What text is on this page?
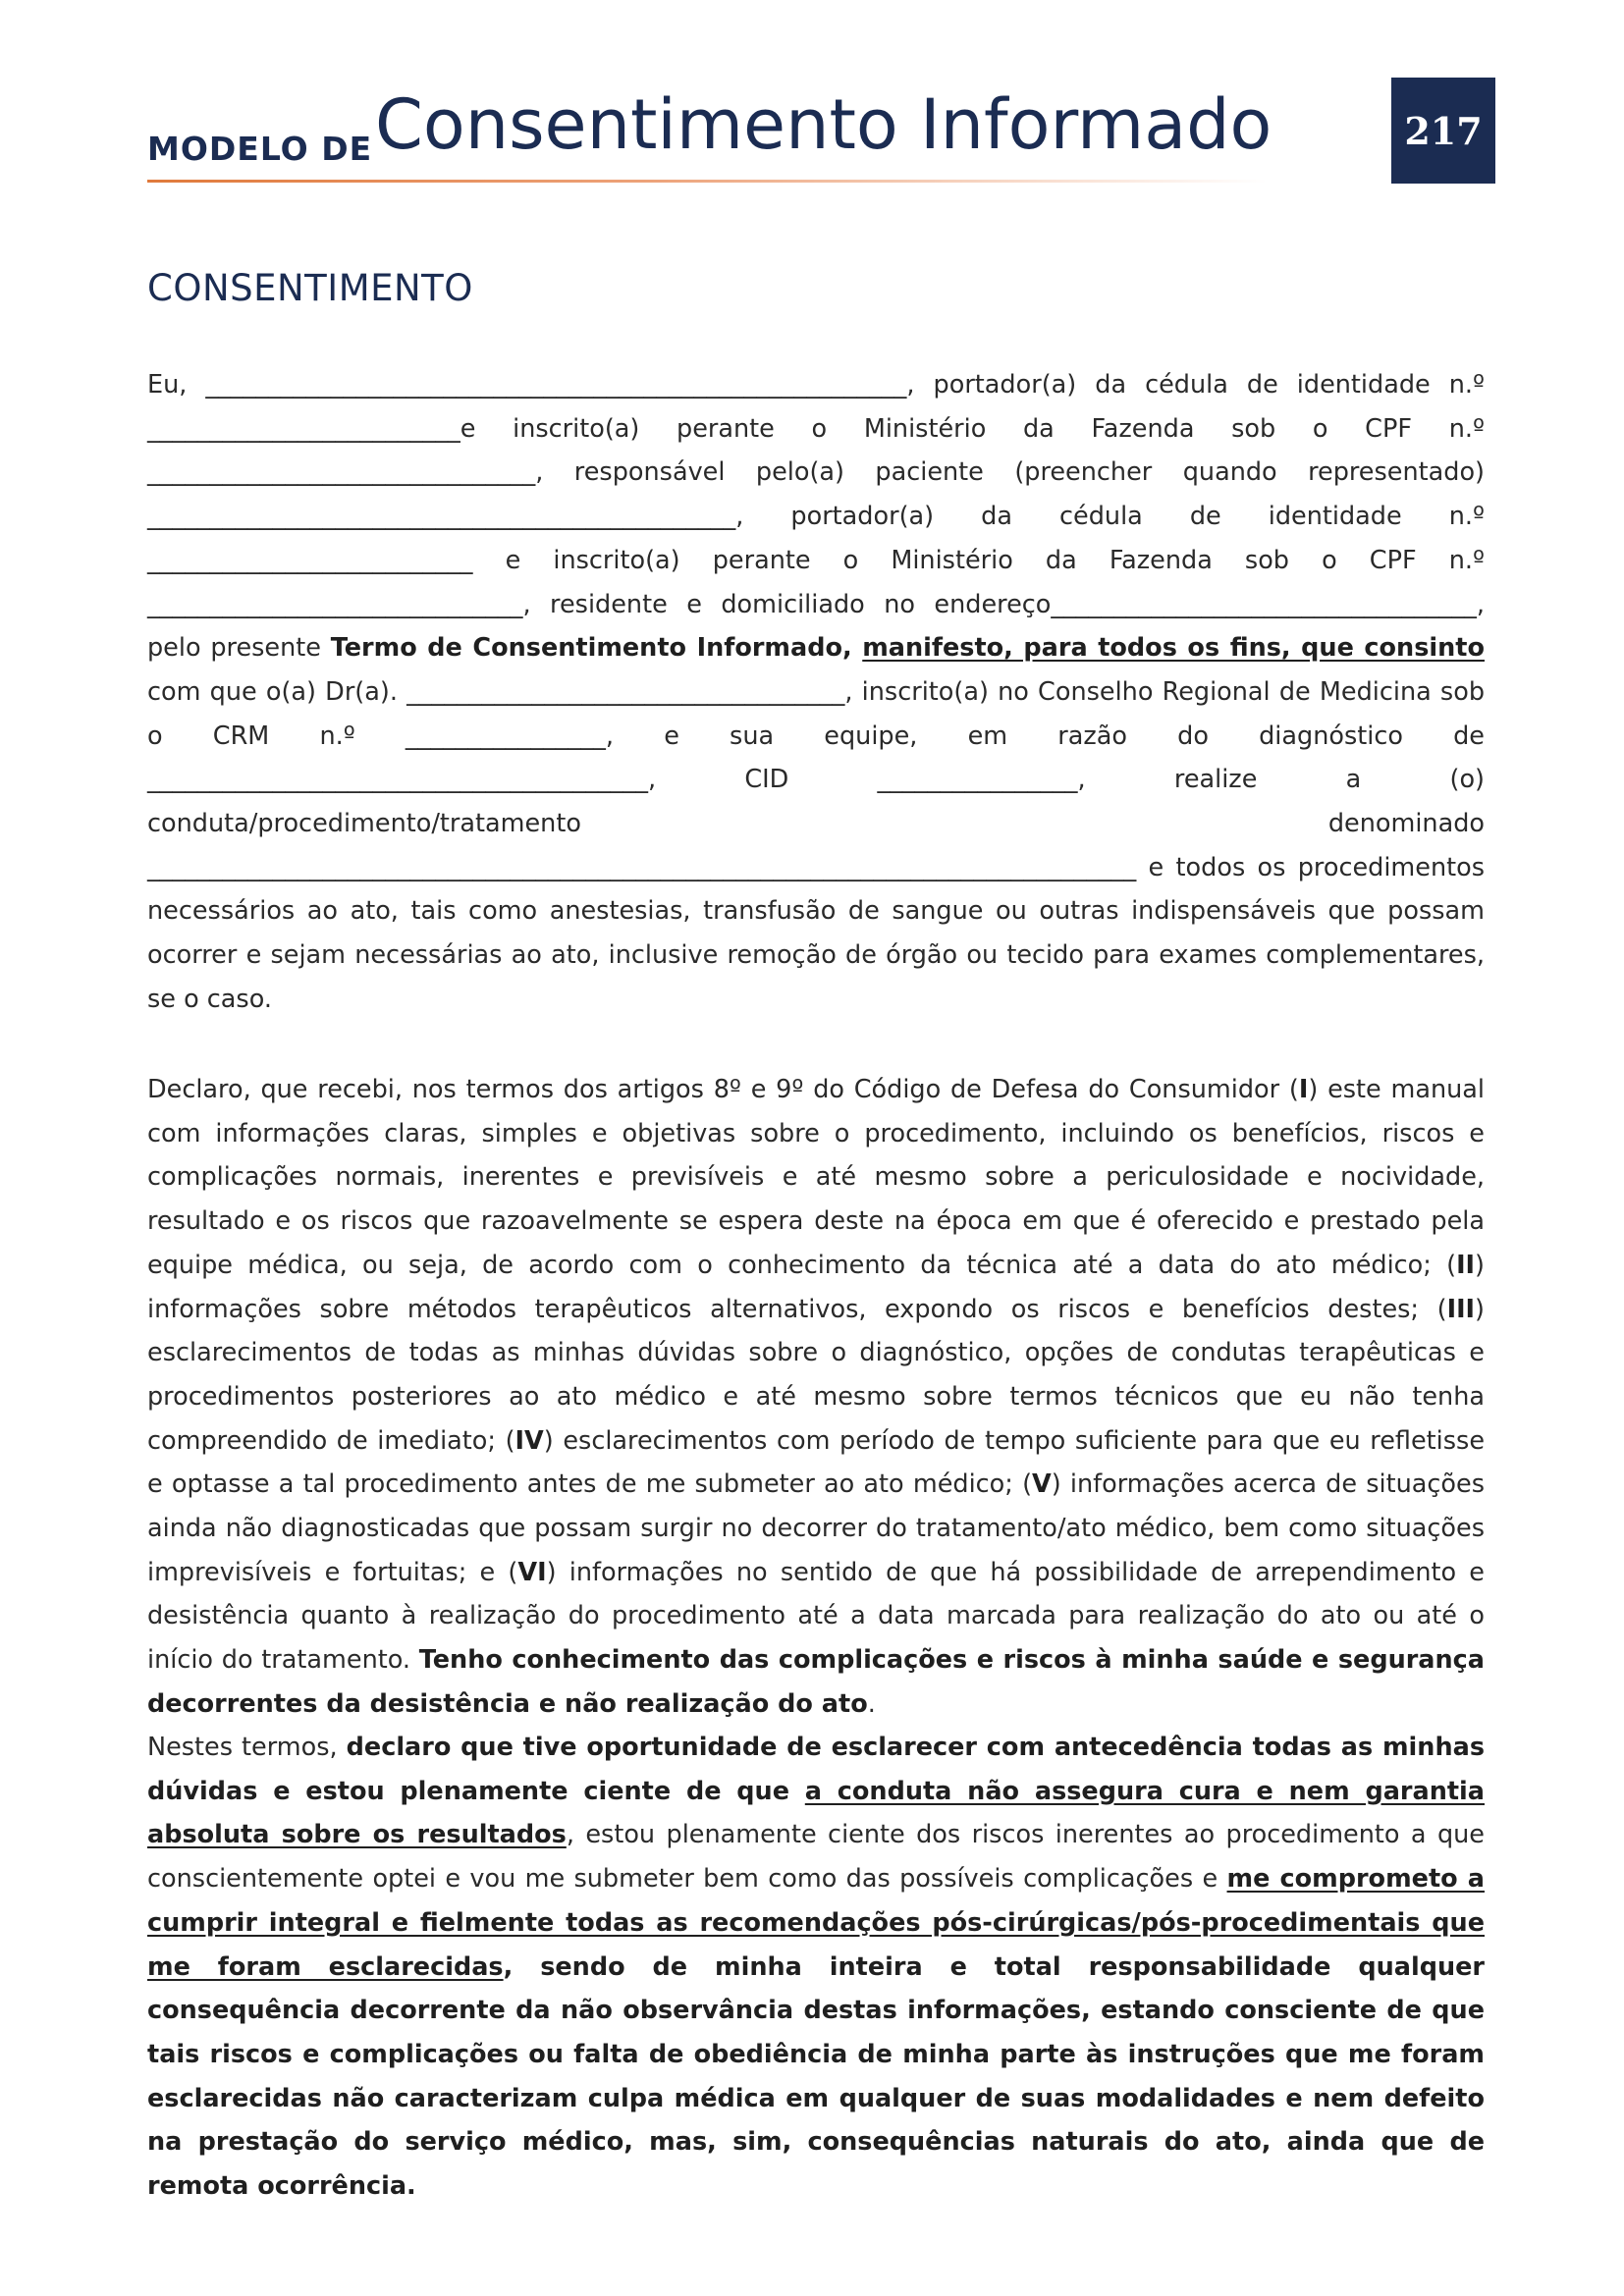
MODELO DE Consentimento Informado	217
CONSENTIMENTO

Eu, ________________________________________________________, portador(a) da cédula de identidade n.º _________________________e inscrito(a) perante o Ministério da Fazenda sob o CPF n.º _______________________________, responsável pelo(a) paciente (preencher quando representado) _______________________________________________, portador(a) da cédula de identidade n.º __________________________ e inscrito(a) perante o Ministério da Fazenda sob o CPF n.º ______________________________, residente e domiciliado no endereço__________________________________, pelo presente Termo de Consentimento Informado, manifesto, para todos os fins, que consinto com que o(a) Dr(a). ___________________________________, inscrito(a) no Conselho Regional de Medicina sob o CRM n.º ________________, e sua equipe, em razão do diagnóstico de ________________________________________, CID ________________, realize a (o) conduta/procedimento/tratamento denominado _______________________________________________________________________________ e todos os procedimentos necessários ao ato, tais como anestesias, transfusão de sangue ou outras indispensáveis que possam ocorrer e sejam necessárias ao ato, inclusive remoção de órgão ou tecido para exames complementares, se o caso.

Declaro, que recebi, nos termos dos artigos 8º e 9º do Código de Defesa do Consumidor (I) este manual com informações claras, simples e objetivas sobre o procedimento, incluindo os benefícios, riscos e complicações normais, inerentes e previsíveis e até mesmo sobre a periculosidade e nocividade, resultado e os riscos que razoavelmente se espera deste na época em que é oferecido e prestado pela equipe médica, ou seja, de acordo com o conhecimento da técnica até a data do ato médico; (II) informações sobre métodos terapêuticos alternativos, expondo os riscos e benefícios destes; (III) esclarecimentos de todas as minhas dúvidas sobre o diagnóstico, opções de condutas terapêuticas e procedimentos posteriores ao ato médico e até mesmo sobre termos técnicos que eu não tenha compreendido de imediato; (IV) esclarecimentos com período de tempo suficiente para que eu refletisse e optasse a tal procedimento antes de me submeter ao ato médico; (V) informações acerca de situações ainda não diagnosticadas que possam surgir no decorrer do tratamento/ato médico, bem como situações imprevisíveis e fortuitas; e (VI) informações no sentido de que há possibilidade de arrependimento e desistência quanto à realização do procedimento até a data marcada para realização do ato ou até o início do tratamento. Tenho conhecimento das complicações e riscos à minha saúde e segurança decorrentes da desistência e não realização do ato.

Nestes termos, declaro que tive oportunidade de esclarecer com antecedência todas as minhas dúvidas e estou plenamente ciente de que a conduta não assegura cura e nem garantia absoluta sobre os resultados, estou plenamente ciente dos riscos inerentes ao procedimento a que conscientemente optei e vou me submeter bem como das possíveis complicações e me comprometo a cumprir integral e fielmente todas as recomendações pós-cirúrgicas/pós-procedimentais que me foram esclarecidas, sendo de minha inteira e total responsabilidade qualquer consequência decorrente da não observância destas informações, estando consciente de que tais riscos e complicações ou falta de obediência de minha parte às instruções que me foram esclarecidas não caracterizam culpa médica em qualquer de suas modalidades e nem defeito na prestação do serviço médico, mas, sim, consequências naturais do ato, ainda que de remota ocorrência.
